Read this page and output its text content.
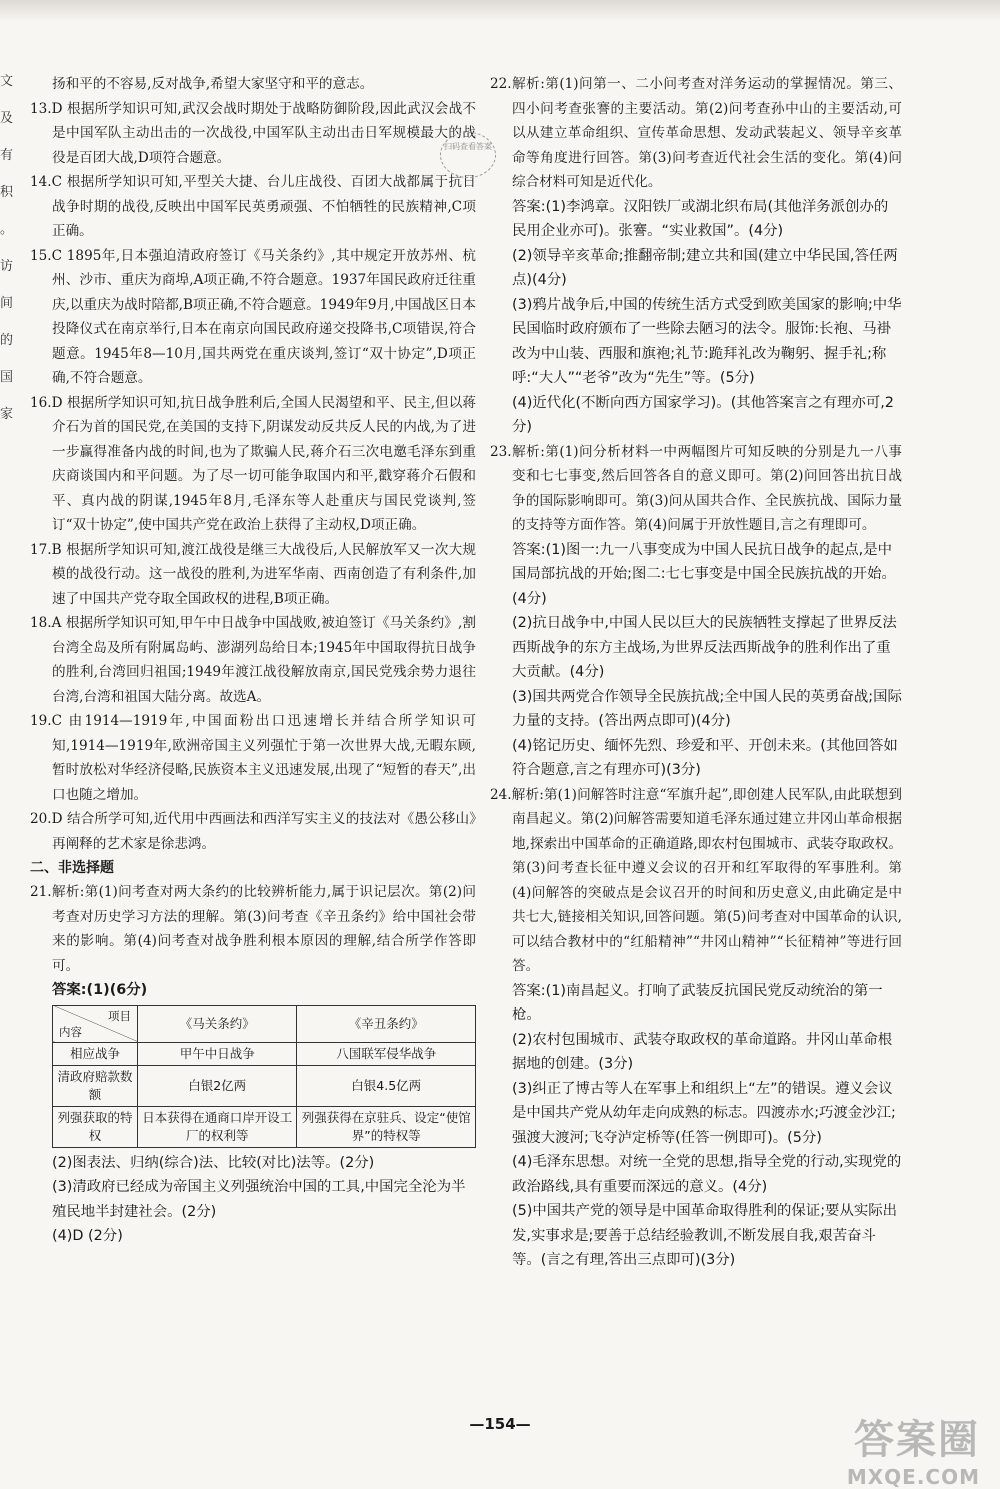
文
及
有
积
。
访
间
的
国
家

扬和平的不容易,反对战争,希望大家坚守和平的意志。

13.D 根据所学知识可知,武汉会战时期处于战略防御阶段,因此武汉会战不是中国军队主动出击的一次战役,中国军队主动出击日军规模最大的战役是百团大战,D项符合题意。

14.C 根据所学知识可知,平型关大捷、台儿庄战役、百团大战都属于抗日战争时期的战役,反映出中国军民英勇顽强、不怕牺牲的民族精神,C项正确。

15.C 1895年,日本强迫清政府签订《马关条约》,其中规定开放苏州、杭州、沙市、重庆为商埠,A项正确,不符合题意。1937年国民政府迁往重庆,以重庆为战时陪都,B项正确,不符合题意。1949年9月,中国战区日本投降仪式在南京举行,日本在南京向国民政府递交投降书,C项错误,符合题意。1945年8—10月,国共两党在重庆谈判,签订“双十协定”,D项正确,不符合题意。

16.D 根据所学知识可知,抗日战争胜利后,全国人民渴望和平、民主,但以蒋介石为首的国民党,在美国的支持下,阴谋发动反共反人民的内战,为了进一步赢得准备内战的时间,也为了欺骗人民,蒋介石三次电邀毛泽东到重庆商谈国内和平问题。为了尽一切可能争取国内和平,戳穿蒋介石假和平、真内战的阴谋,1945年8月,毛泽东等人赴重庆与国民党谈判,签订“双十协定”,使中国共产党在政治上获得了主动权,D项正确。

17.B 根据所学知识可知,渡江战役是继三大战役后,人民解放军又一次大规模的战役行动。这一战役的胜利,为进军华南、西南创造了有利条件,加速了中国共产党夺取全国政权的进程,B项正确。

18.A 根据所学知识可知,甲午中日战争中国战败,被迫签订《马关条约》,割台湾全岛及所有附属岛屿、澎湖列岛给日本;1945年中国取得抗日战争的胜利,台湾回归祖国;1949年渡江战役解放南京,国民党残余势力退往台湾,台湾和祖国大陆分离。故选A。

19.C 由1914—1919年,中国面粉出口迅速增长并结合所学知识可知,1914—1919年,欧洲帝国主义列强忙于第一次世界大战,无暇东顾,暂时放松对华经济侵略,民族资本主义迅速发展,出现了“短暂的春天”,出口也随之增加。

20.D 结合所学可知,近代用中西画法和西洋写实主义的技法对《愚公移山》再阐释的艺术家是徐悲鸿。

二、非选择题

21.解析:第(1)问考查对两大条约的比较辨析能力,属于识记层次。第(2)问考查对历史学习方法的理解。第(3)问考查《辛丑条约》给中国社会带来的影响。第(4)问考查对战争胜利根本原因的理解,结合所学作答即可。

答案:(1)(6分)

项目
内容	《马关条约》	《辛丑条约》
相应战争	甲午中日战争	八国联军侵华战争
清政府赔款数额	白银2亿两	白银4.5亿两
列强获取的特权	日本获得在通商口岸开设工厂的权利等	列强获得在京驻兵、设定“使馆界”的特权等

(2)图表法、归纳(综合)法、比较(对比)法等。(2分)

(3)清政府已经成为帝国主义列强统治中国的工具,中国完全沦为半殖民地半封建社会。(2分)

(4)D (2分)

22.解析:第(1)问第一、二小问考查对洋务运动的掌握情况。第三、四小问考查张謇的主要活动。第(2)问考查孙中山的主要活动,可以从建立革命组织、宣传革命思想、发动武装起义、领导辛亥革命等角度进行回答。第(3)问考查近代社会生活的变化。第(4)问综合材料可知是近代化。

答案:(1)李鸿章。汉阳铁厂或湖北织布局(其他洋务派创办的民用企业亦可)。张謇。“实业救国”。(4分)

(2)领导辛亥革命;推翻帝制;建立共和国(建立中华民国,答任两点)(4分)

(3)鸦片战争后,中国的传统生活方式受到欧美国家的影响;中华民国临时政府颁布了一些除去陋习的法令。服饰:长袍、马褂改为中山装、西服和旗袍;礼节:跪拜礼改为鞠躬、握手礼;称呼:“大人”“老爷”改为“先生”等。(5分)

(4)近代化(不断向西方国家学习)。(其他答案言之有理亦可,2分)

23.解析:第(1)问分析材料一中两幅图片可知反映的分别是九一八事变和七七事变,然后回答各自的意义即可。第(2)问回答出抗日战争的国际影响即可。第(3)问从国共合作、全民族抗战、国际力量的支持等方面作答。第(4)问属于开放性题目,言之有理即可。

答案:(1)图一:九一八事变成为中国人民抗日战争的起点,是中国局部抗战的开始;图二:七七事变是中国全民族抗战的开始。(4分)

(2)抗日战争中,中国人民以巨大的民族牺牲支撑起了世界反法西斯战争的东方主战场,为世界反法西斯战争的胜利作出了重大贡献。(4分)

(3)国共两党合作领导全民族抗战;全中国人民的英勇奋战;国际力量的支持。(答出两点即可)(4分)

(4)铭记历史、缅怀先烈、珍爱和平、开创未来。(其他回答如符合题意,言之有理亦可)(3分)

24.解析:第(1)问解答时注意“军旗升起”,即创建人民军队,由此联想到南昌起义。第(2)问解答需要知道毛泽东通过建立井冈山革命根据地,探索出中国革命的正确道路,即农村包围城市、武装夺取政权。第(3)问考查长征中遵义会议的召开和红军取得的军事胜利。第(4)问解答的突破点是会议召开的时间和历史意义,由此确定是中共七大,链接相关知识,回答问题。第(5)问考查对中国革命的认识,可以结合教材中的“红船精神”“井冈山精神”“长征精神”等进行回答。

答案:(1)南昌起义。打响了武装反抗国民党反动统治的第一枪。

(2)农村包围城市、武装夺取政权的革命道路。井冈山革命根据地的创建。(3分)

(3)纠正了博古等人在军事上和组织上“左”的错误。遵义会议是中国共产党从幼年走向成熟的标志。四渡赤水;巧渡金沙江;强渡大渡河;飞夺泸定桥等(任答一例即可)。(5分)

(4)毛泽东思想。对统一全党的思想,指导全党的行动,实现党的政治路线,具有重要而深远的意义。(4分)

(5)中国共产党的领导是中国革命取得胜利的保证;要从实际出发,实事求是;要善于总结经验教训,不断发展自我,艰苦奋斗等。(言之有理,答出三点即可)(3分)

扫码查看答案
—154—	答案圈
MXQE.COM
